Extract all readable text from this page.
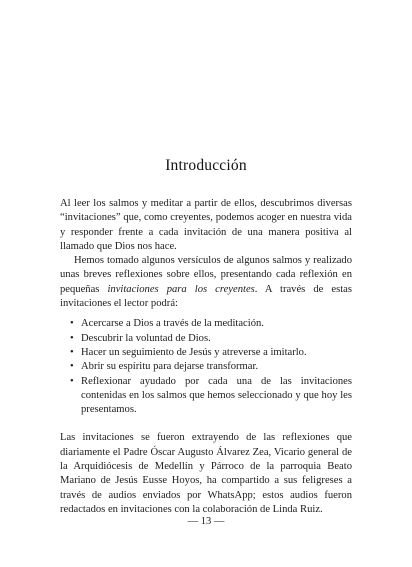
Introducción

Al leer los salmos y meditar a partir de ellos, descubrimos diversas “invitaciones” que, como creyentes, podemos acoger en nuestra vida y responder frente a cada invitación de una manera positiva al llamado que Dios nos hace.

Hemos tomado algunos versículos de algunos salmos y realizado unas breves reflexiones sobre ellos, presentando cada reflexión en pequeñas invitaciones para los creyentes. A través de estas invitaciones el lector podrá:

• Acercarse a Dios a través de la meditación.
• Descubrir la voluntad de Dios.
• Hacer un seguimiento de Jesús y atreverse a imitarlo.
• Abrir su espíritu para dejarse transformar.
• Reflexionar ayudado por cada una de las invitaciones contenidas en los salmos que hemos seleccionado y que hoy les presentamos.

Las invitaciones se fueron extrayendo de las reflexiones que diariamente el Padre Óscar Augusto Álvarez Zea, Vicario general de la Arquidiócesis de Medellín y Párroco de la parroquia Beato Mariano de Jesús Eusse Hoyos, ha compartido a sus feligreses a través de audios enviados por WhatsApp; estos audios fueron redactados en invitaciones con la colaboración de Linda Ruiz.

— 13 —
